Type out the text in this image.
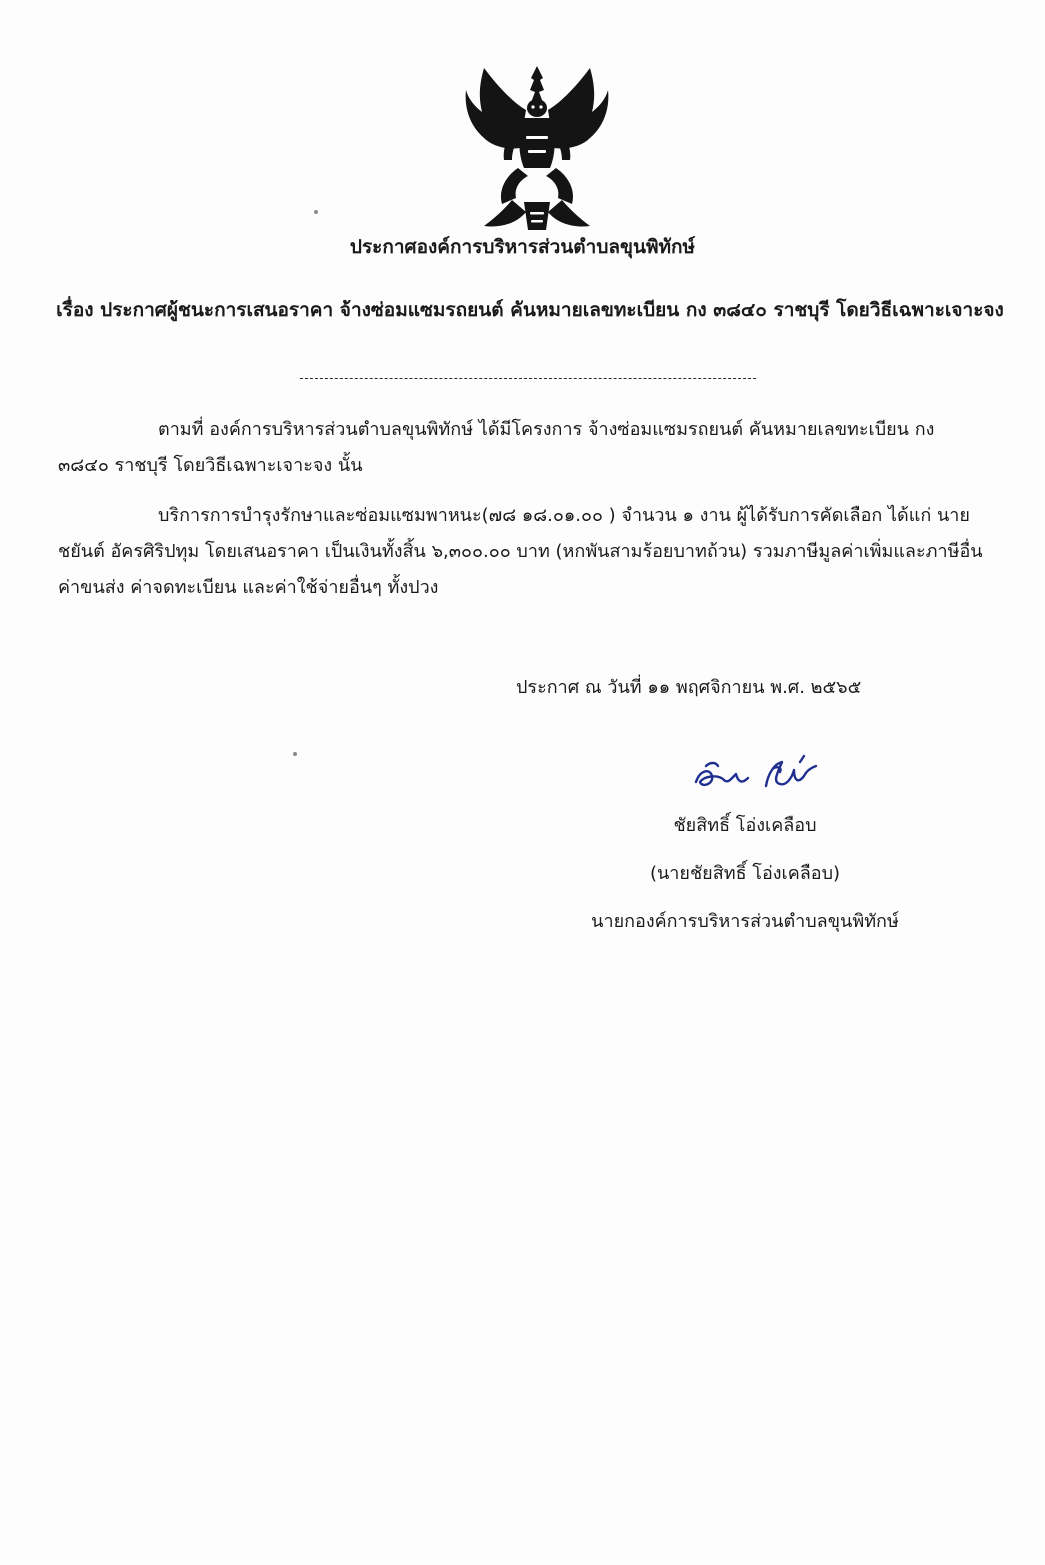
ประกาศองค์การบริหารส่วนตำบลขุนพิทักษ์
เรื่อง ประกาศผู้ชนะการเสนอราคา จ้างซ่อมแซมรถยนต์ คันหมายเลขทะเบียน กง ๓๘๔๐ ราชบุรี โดยวิธีเฉพาะเจาะจง
ตามที่ องค์การบริหารส่วนตำบลขุนพิทักษ์ ได้มีโครงการ จ้างซ่อมแซมรถยนต์ คันหมายเลขทะเบียน กง ๓๘๔๐ ราชบุรี โดยวิธีเฉพาะเจาะจง นั้น
บริการการบำรุงรักษาและซ่อมแซมพาหนะ(๗๘ ๑๘.๐๑.๐๐ ) จำนวน ๑ งาน ผู้ได้รับการคัดเลือก ได้แก่ นายชยันต์ อัครศิริปทุม โดยเสนอราคา เป็นเงินทั้งสิ้น ๖,๓๐๐.๐๐ บาท (หกพันสามร้อยบาทถ้วน) รวมภาษีมูลค่าเพิ่มและภาษีอื่น ค่าขนส่ง ค่าจดทะเบียน และค่าใช้จ่ายอื่นๆ ทั้งปวง
ประกาศ ณ วันที่ ๑๑ พฤศจิกายน พ.ศ. ๒๕๖๕
ชัยสิทธิ์ โอ่งเคลือบ
(นายชัยสิทธิ์ โอ่งเคลือบ)
นายกองค์การบริหารส่วนตำบลขุนพิทักษ์
